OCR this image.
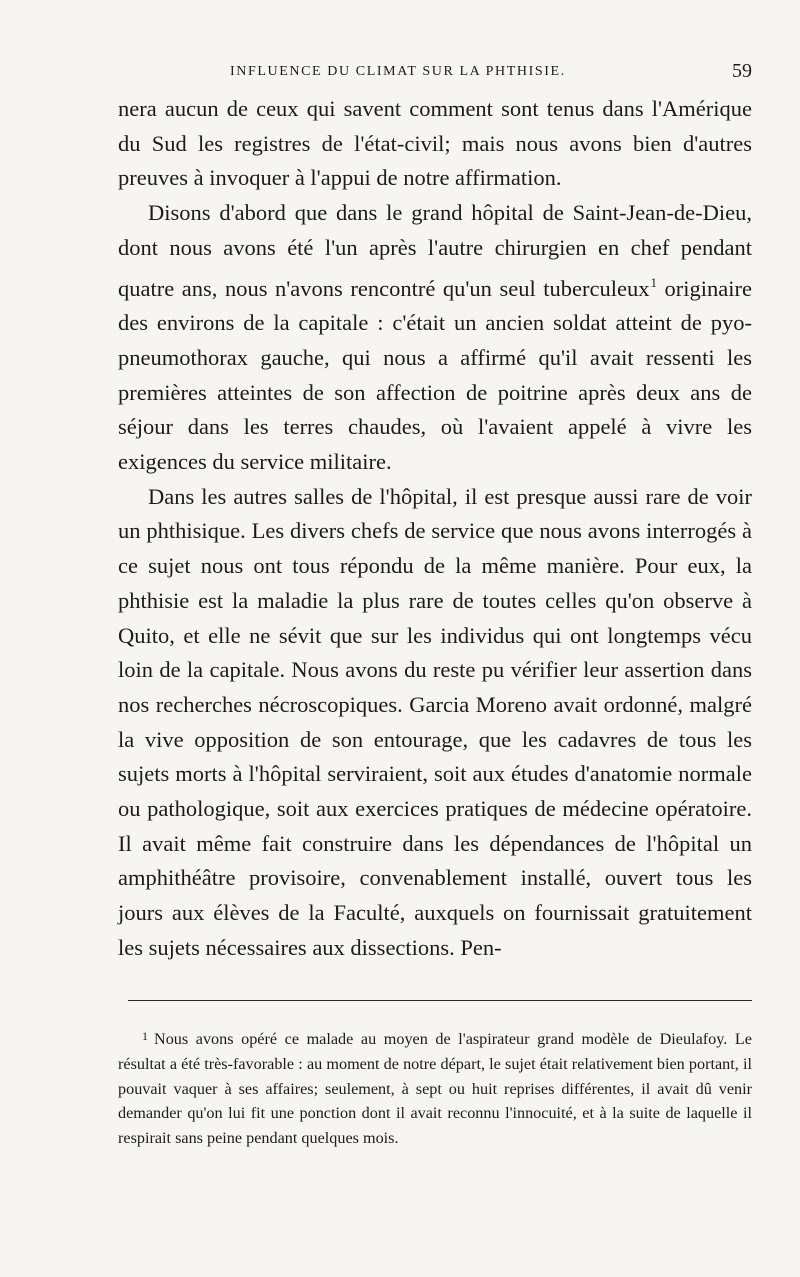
INFLUENCE DU CLIMAT SUR LA PHTHISIE.	59

nera aucun de ceux qui savent comment sont tenus dans l'Amérique du Sud les registres de l'état-civil; mais nous avons bien d'autres preuves à invoquer à l'appui de notre affirmation.

Disons d'abord que dans le grand hôpital de Saint-Jean-de-Dieu, dont nous avons été l'un après l'autre chirurgien en chef pendant quatre ans, nous n'avons rencontré qu'un seul tuberculeux$^1$ originaire des environs de la capitale : c'était un ancien soldat atteint de pyo-pneumothorax gauche, qui nous a affirmé qu'il avait ressenti les premières atteintes de son affection de poitrine après deux ans de séjour dans les terres chaudes, où l'avaient appelé à vivre les exigences du service militaire.

Dans les autres salles de l'hôpital, il est presque aussi rare de voir un phthisique. Les divers chefs de service que nous avons interrogés à ce sujet nous ont tous répondu de la même manière. Pour eux, la phthisie est la maladie la plus rare de toutes celles qu'on observe à Quito, et elle ne sévit que sur les individus qui ont longtemps vécu loin de la capitale. Nous avons du reste pu vérifier leur assertion dans nos recherches nécroscopiques. Garcia Moreno avait ordonné, malgré la vive opposition de son entourage, que les cadavres de tous les sujets morts à l'hôpital serviraient, soit aux études d'anatomie normale ou pathologique, soit aux exercices pratiques de médecine opératoire. Il avait même fait construire dans les dépendances de l'hôpital un amphithéâtre provisoire, convenablement installé, ouvert tous les jours aux élèves de la Faculté, auxquels on fournissait gratuitement les sujets nécessaires aux dissections. Pen-

$^1$ Nous avons opéré ce malade au moyen de l'aspirateur grand modèle de Dieulafoy. Le résultat a été très-favorable : au moment de notre départ, le sujet était relativement bien portant, il pouvait vaquer à ses affaires; seulement, à sept ou huit reprises différentes, il avait dû venir demander qu'on lui fit une ponction dont il avait reconnu l'innocuité, et à la suite de laquelle il respirait sans peine pendant quelques mois.
